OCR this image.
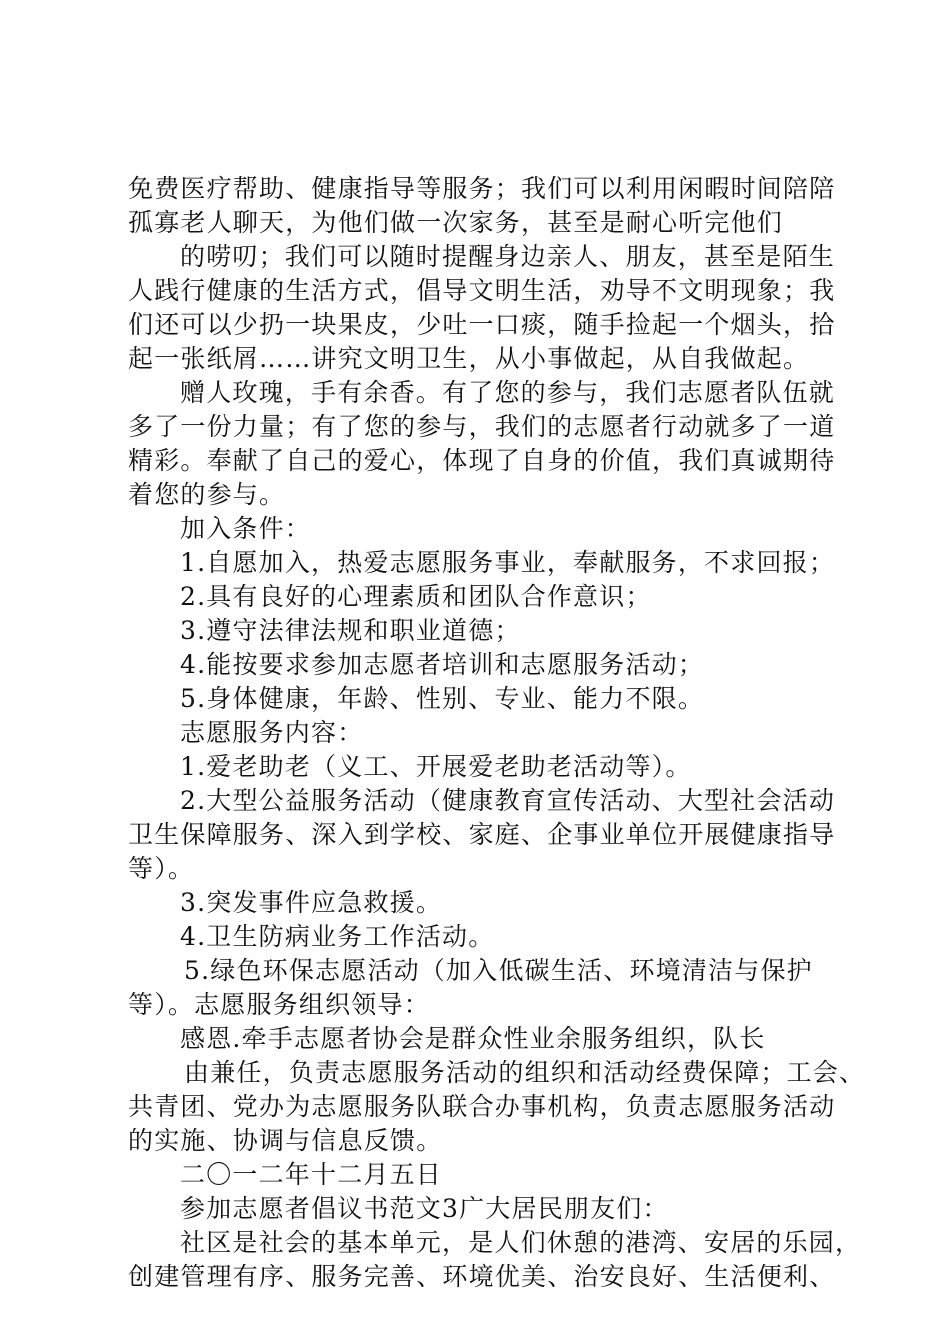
免费医疗帮助、健康指导等服务；我们可以利用闲暇时间陪陪
孤寡老人聊天，为他们做一次家务，甚至是耐心听完他们
的唠叨；我们可以随时提醒身边亲人、朋友，甚至是陌生
人践行健康的生活方式，倡导文明生活，劝导不文明现象；我
们还可以少扔一块果皮，少吐一口痰，随手捡起一个烟头，拾
起一张纸屑……讲究文明卫生，从小事做起，从自我做起。
赠人玫瑰，手有余香。有了您的参与，我们志愿者队伍就
多了一份力量；有了您的参与，我们的志愿者行动就多了一道
精彩。奉献了自己的爱心，体现了自身的价值，我们真诚期待
着您的参与。
加入条件：
1.自愿加入，热爱志愿服务事业，奉献服务，不求回报；
2.具有良好的心理素质和团队合作意识；
3.遵守法律法规和职业道德；
4.能按要求参加志愿者培训和志愿服务活动；
5.身体健康，年龄、性别、专业、能力不限。
志愿服务内容：
1.爱老助老（义工、开展爱老助老活动等）。
2.大型公益服务活动（健康教育宣传活动、大型社会活动
卫生保障服务、深入到学校、家庭、企事业单位开展健康指导
等）。
3.突发事件应急救援。
4.卫生防病业务工作活动。
5.绿色环保志愿活动（加入低碳生活、环境清洁与保护
等）。志愿服务组织领导：
感恩.牵手志愿者协会是群众性业余服务组织，队长
由兼任，负责志愿服务活动的组织和活动经费保障；工会、
共青团、党办为志愿服务队联合办事机构，负责志愿服务活动
的实施、协调与信息反馈。
二〇一二年十二月五日
参加志愿者倡议书范文3广大居民朋友们：
社区是社会的基本单元，是人们休憩的港湾、安居的乐园，
创建管理有序、服务完善、环境优美、治安良好、生活便利、
